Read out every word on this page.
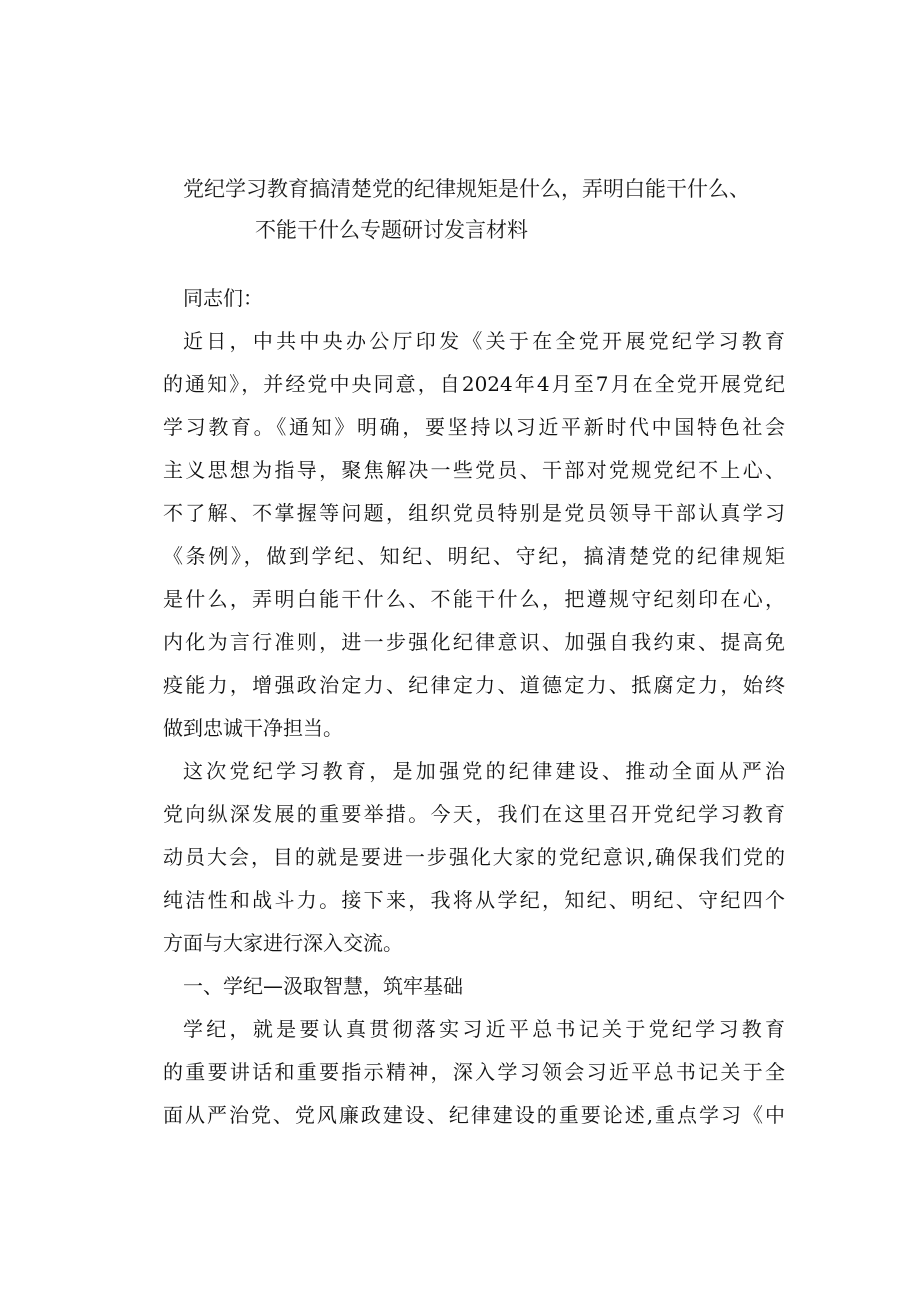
党纪学习教育搞清楚党的纪律规矩是什么，弄明白能干什么、
不能干什么专题研讨发言材料
同志们：
近日，中共中央办公厅印发《关于在全党开展党纪学习教育
的通知》，并经党中央同意，自2024年4月至7月在全党开展党纪
学习教育。《通知》明确，要坚持以习近平新时代中国特色社会
主义思想为指导，聚焦解决一些党员、干部对党规党纪不上心、
不了解、不掌握等问题，组织党员特别是党员领导干部认真学习
《条例》，做到学纪、知纪、明纪、守纪，搞清楚党的纪律规矩
是什么，弄明白能干什么、不能干什么，把遵规守纪刻印在心，
内化为言行准则，进一步强化纪律意识、加强自我约束、提高免
疫能力，增强政治定力、纪律定力、道德定力、抵腐定力，始终
做到忠诚干净担当。
这次党纪学习教育，是加强党的纪律建设、推动全面从严治
党向纵深发展的重要举措。今天，我们在这里召开党纪学习教育
动员大会，目的就是要进一步强化大家的党纪意识,确保我们党的
纯洁性和战斗力。接下来，我将从学纪，知纪、明纪、守纪四个
方面与大家进行深入交流。
一、学纪—汲取智慧，筑牢基础
学纪，就是要认真贯彻落实习近平总书记关于党纪学习教育
的重要讲话和重要指示精神，深入学习领会习近平总书记关于全
面从严治党、党风廉政建设、纪律建设的重要论述,重点学习《中
